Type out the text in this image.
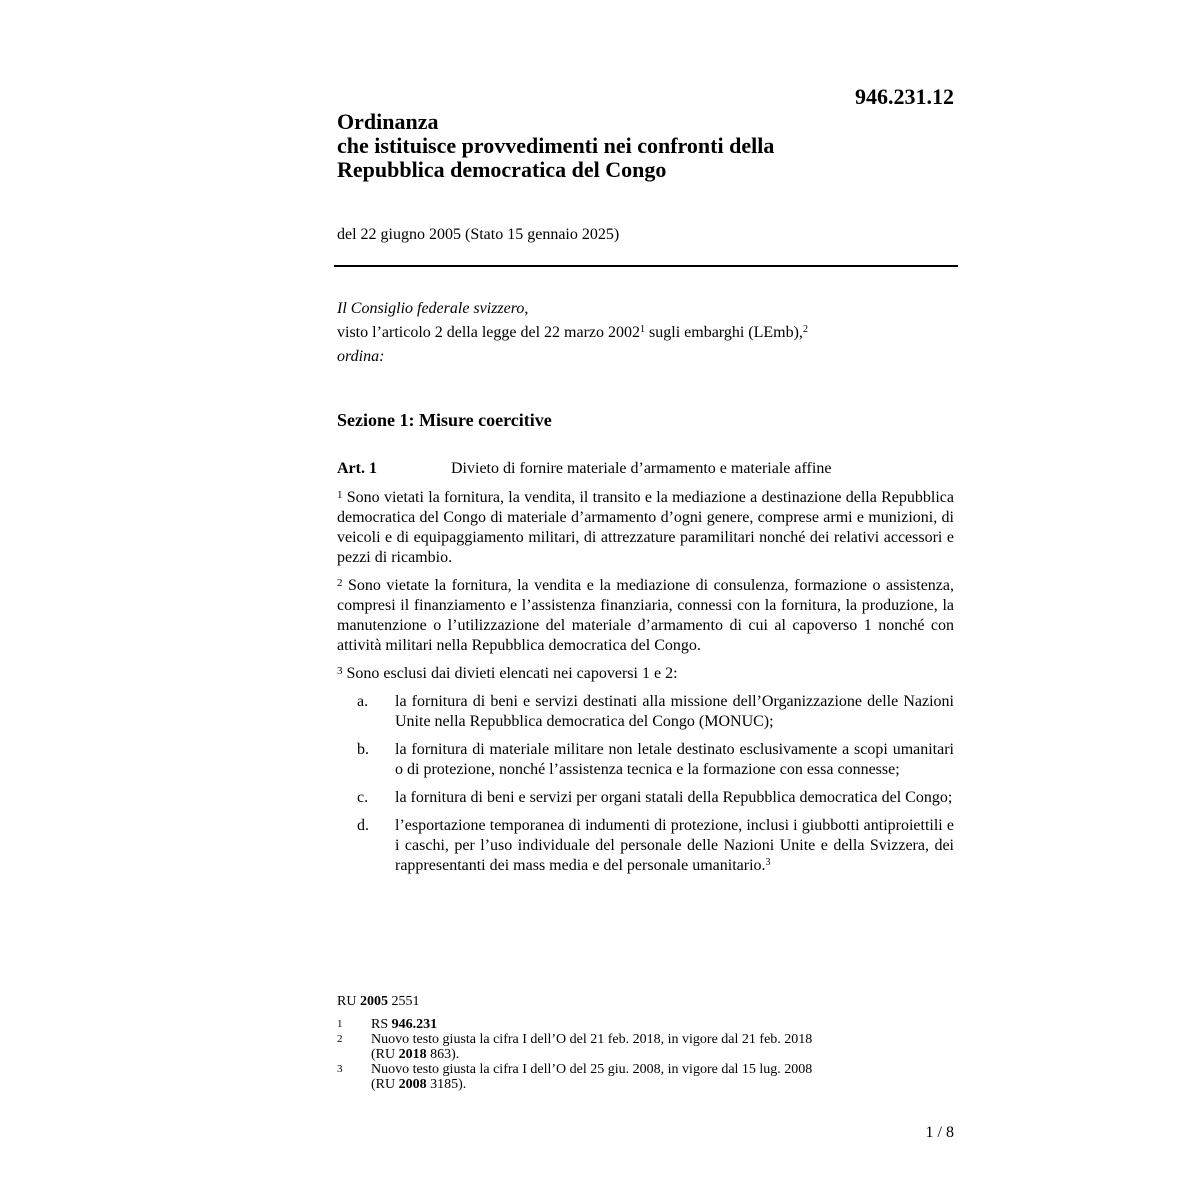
946.231.12
Ordinanza
che istituisce provvedimenti nei confronti della
Repubblica democratica del Congo
del 22 giugno 2005 (Stato 15 gennaio 2025)
Il Consiglio federale svizzero,
visto l’articolo 2 della legge del 22 marzo 2002$^1$ sugli embarghi (LEmb),$^2$
ordina:
Sezione 1: Misure coercitive
Art. 1	Divieto di fornire materiale d’armamento e materiale affine

$^1$ Sono vietati la fornitura, la vendita, il transito e la mediazione a destinazione della Repubblica democratica del Congo di materiale d’armamento d’ogni genere, comprese armi e munizioni, di veicoli e di equipaggiamento militari, di attrezzature paramilitari nonché dei relativi accessori e pezzi di ricambio.

$^2$ Sono vietate la fornitura, la vendita e la mediazione di consulenza, formazione o assistenza, compresi il finanziamento e l’assistenza finanziaria, connessi con la fornitura, la produzione, la manutenzione o l’utilizzazione del materiale d’armamento di cui al capoverso 1 nonché con attività militari nella Repubblica democratica del Congo.

$^3$ Sono esclusi dai divieti elencati nei capoversi 1 e 2:

a. la fornitura di beni e servizi destinati alla missione dell’Organizzazione delle Nazioni Unite nella Repubblica democratica del Congo (MONUC);
b. la fornitura di materiale militare non letale destinato esclusivamente a scopi umanitari o di protezione, nonché l’assistenza tecnica e la formazione con essa connesse;
c. la fornitura di beni e servizi per organi statali della Repubblica democratica del Congo;
d. l’esportazione temporanea di indumenti di protezione, inclusi i giubbotti antiproiettili e i caschi, per l’uso individuale del personale delle Nazioni Unite e della Svizzera, dei rappresentanti dei mass media e del personale umanitario.$^3$
RU 2005 2551
1	RS 946.231
2	Nuovo testo giusta la cifra I dell’O del 21 feb. 2018, in vigore dal 21 feb. 2018
(RU 2018 863).
3	Nuovo testo giusta la cifra I dell’O del 25 giu. 2008, in vigore dal 15 lug. 2008
(RU 2008 3185).
1 / 8
